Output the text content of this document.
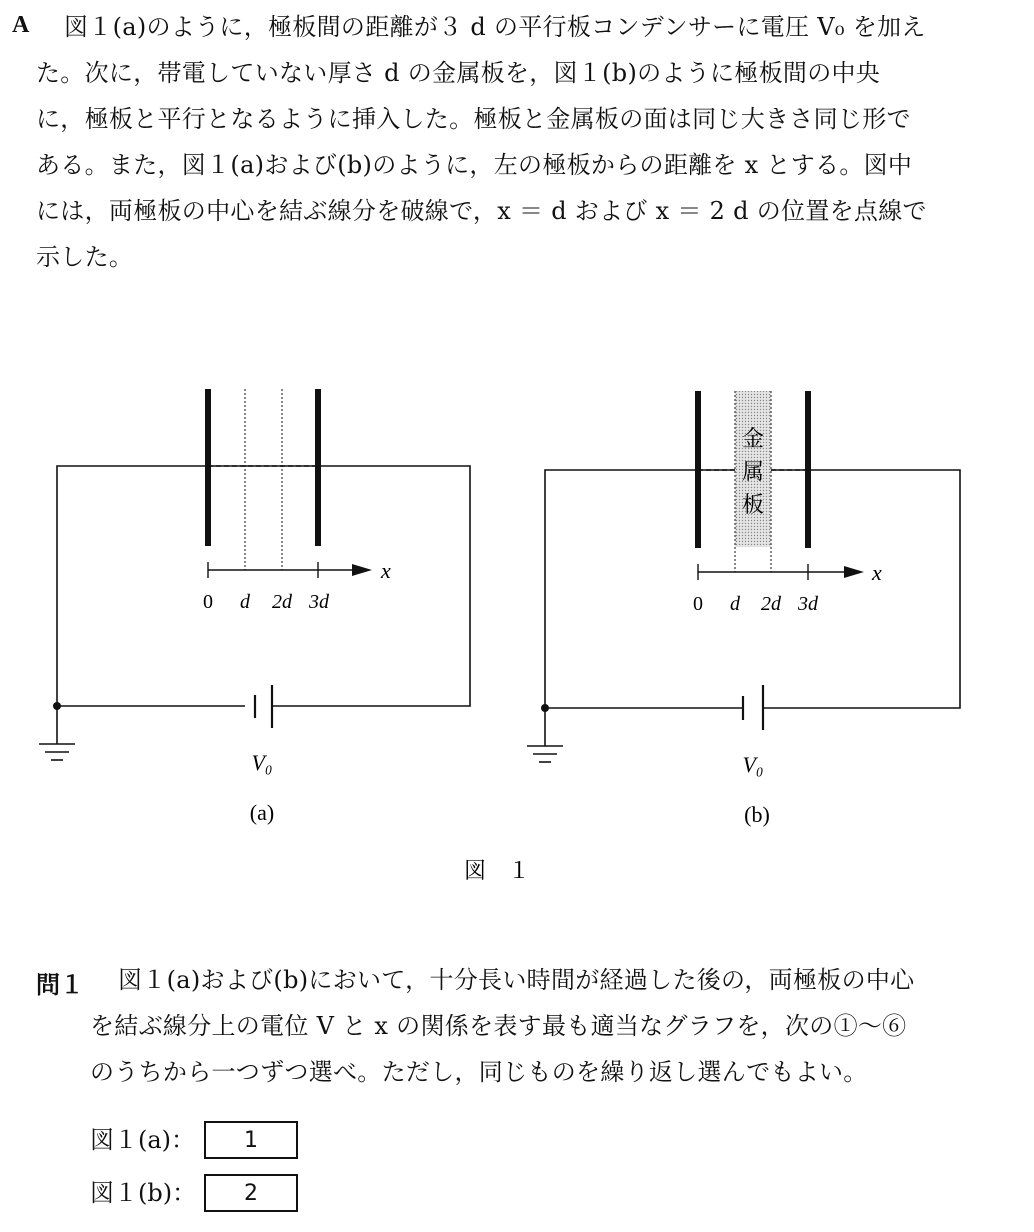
A 図１(a)のように，極板間の距離が３ d の平行板コンデンサーに電圧 V₀ を加え
た。次に，帯電していない厚さ d の金属板を，図１(b)のように極板間の中央
に，極板と平行となるように挿入した。極板と金属板の面は同じ大きさ同じ形で
ある。また，図１(a)および(b)のように，左の極板からの距離を x とする。図中
には，両極板の中心を結ぶ線分を破線で，x ＝ d および x ＝ 2 d の位置を点線で
示した。
x
0 d 2d 3d
V₀
(a)
金
属
板
x
0 d 2d 3d
V₀
(b)
図　１
問１ 図１(a)および(b)において，十分長い時間が経過した後の，両極板の中心
を結ぶ線分上の電位 V と x の関係を表す最も適当なグラフを，次の①～⑥
のうちから一つずつ選べ。ただし，同じものを繰り返し選んでもよい。
図１(a)：	1
図１(b)：	2
